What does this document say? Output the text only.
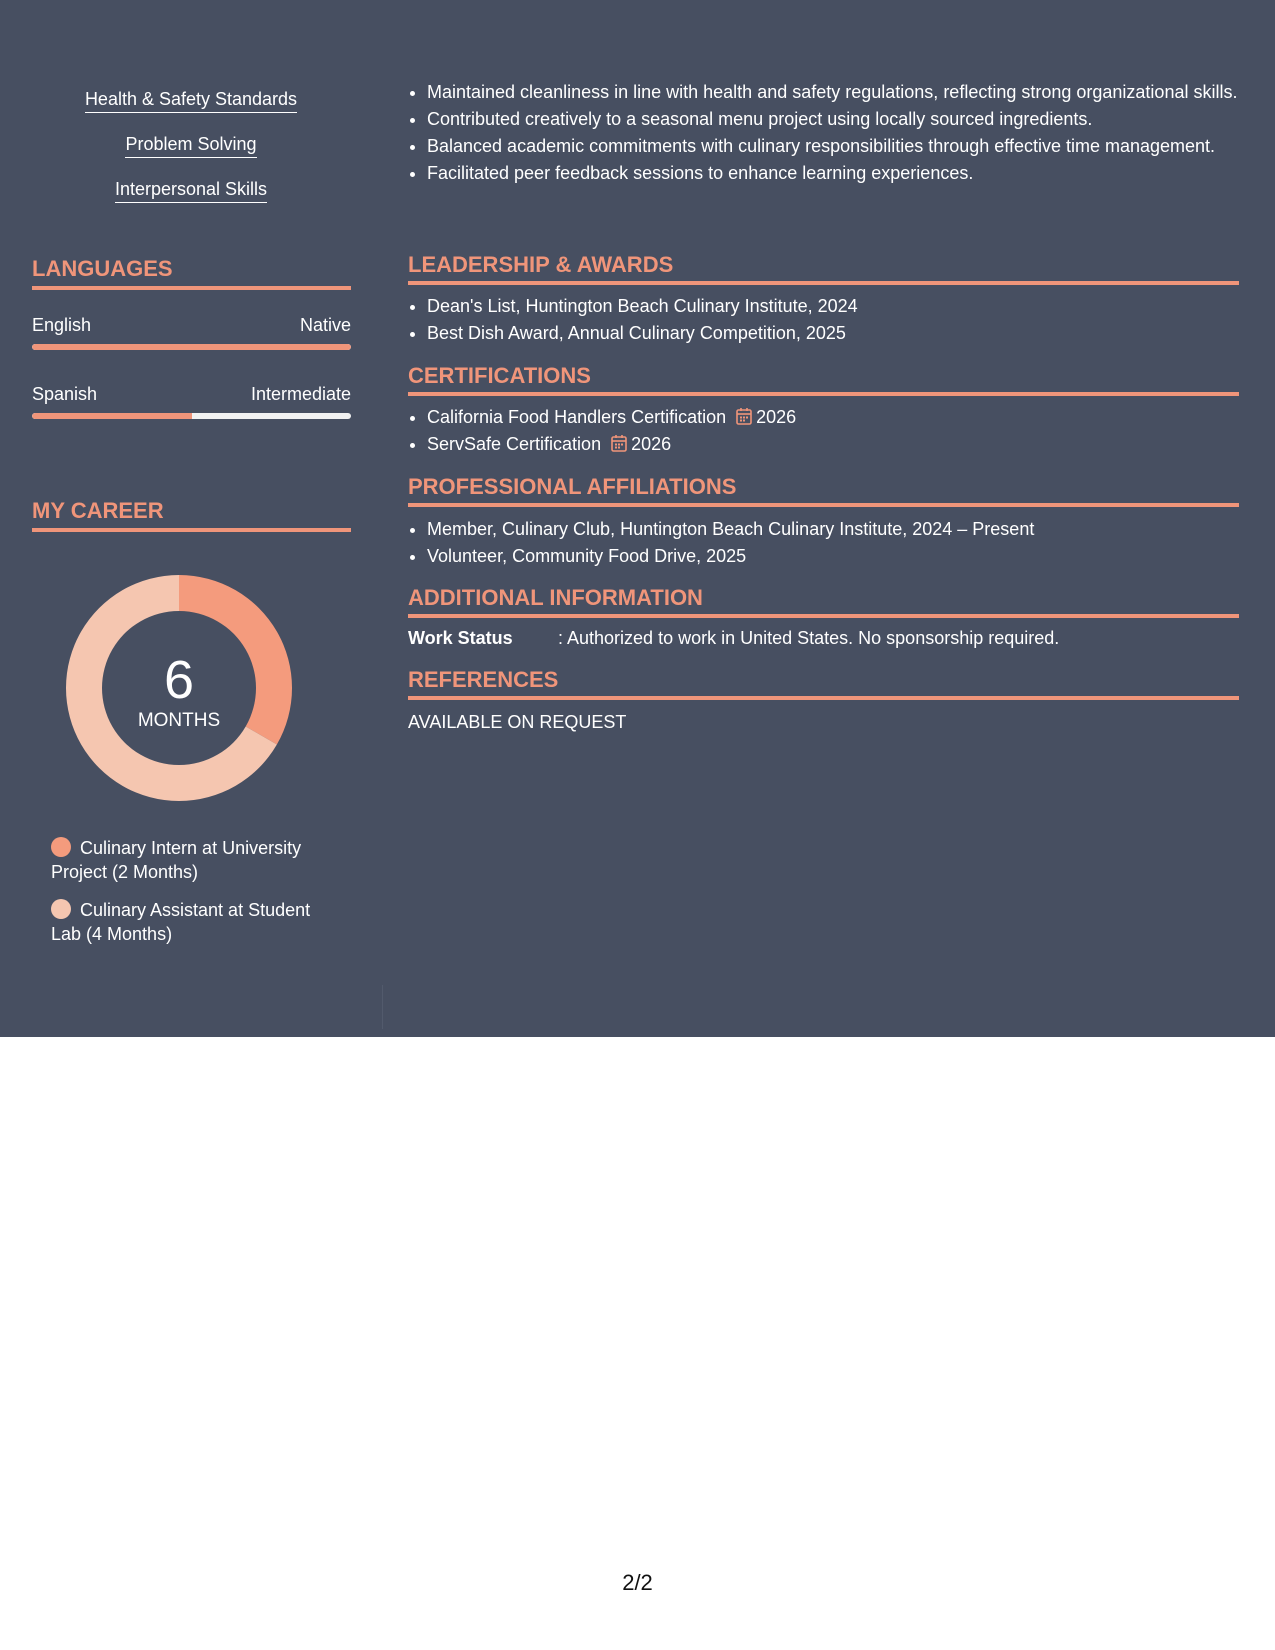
Health & Safety Standards
Problem Solving
Interpersonal Skills
LANGUAGES
English	Native
Spanish	Intermediate
MY CAREER
6
MONTHS
Culinary Intern at University Project (2 Months)
Culinary Assistant at Student Lab (4 Months)
• Maintained cleanliness in line with health and safety regulations, reflecting strong organizational skills.
• Contributed creatively to a seasonal menu project using locally sourced ingredients.
• Balanced academic commitments with culinary responsibilities through effective time management.
• Facilitated peer feedback sessions to enhance learning experiences.
LEADERSHIP & AWARDS
• Dean's List, Huntington Beach Culinary Institute, 2024
• Best Dish Award, Annual Culinary Competition, 2025
CERTIFICATIONS
• California Food Handlers Certification 2026
• ServSafe Certification 2026
PROFESSIONAL AFFILIATIONS
• Member, Culinary Club, Huntington Beach Culinary Institute, 2024 – Present
• Volunteer, Community Food Drive, 2025
ADDITIONAL INFORMATION
Work Status	: Authorized to work in United States. No sponsorship required.
REFERENCES
AVAILABLE ON REQUEST
2/2
